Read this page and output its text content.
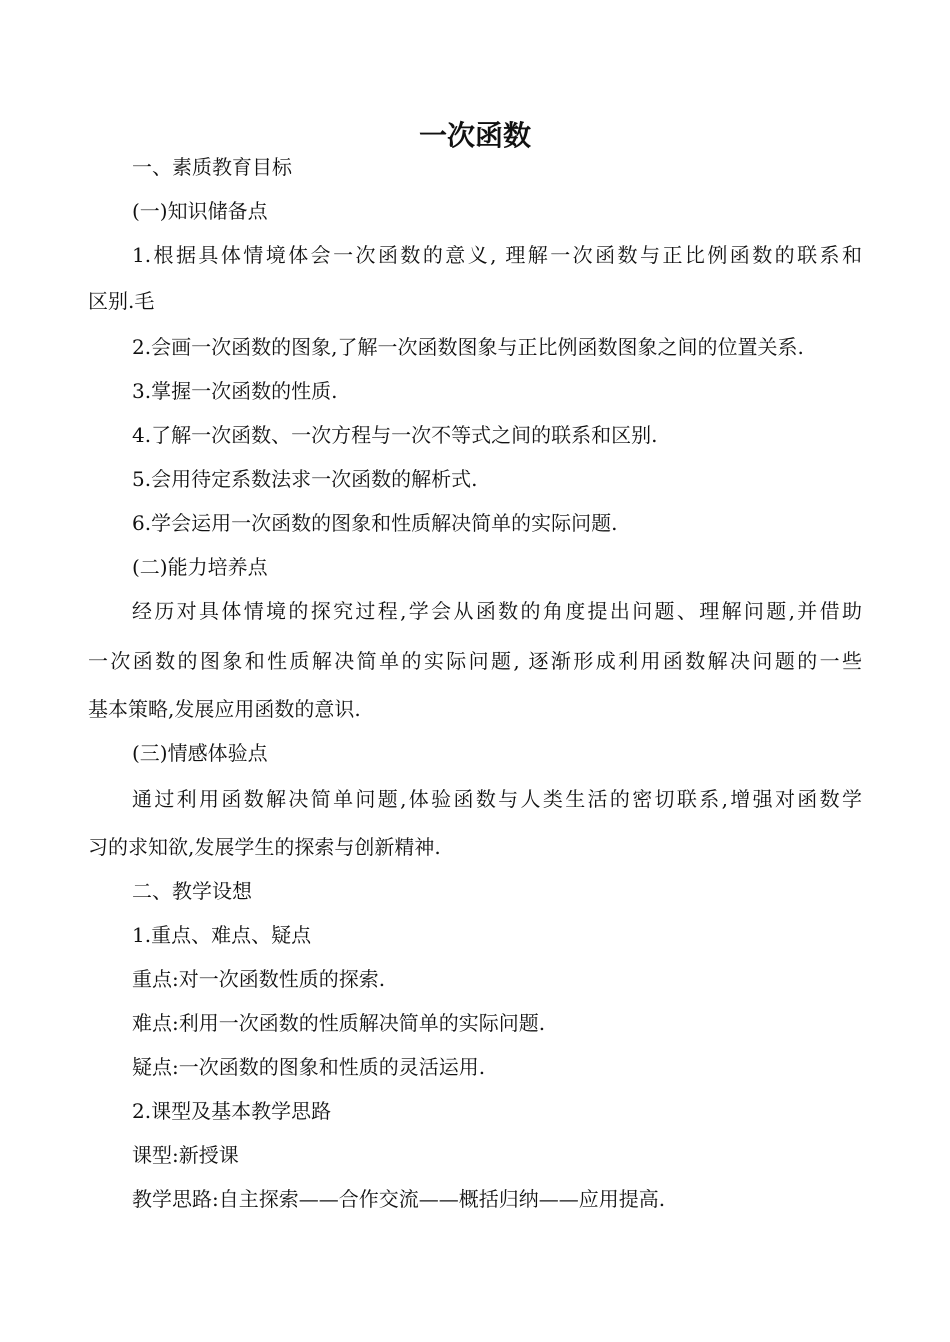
一次函数
一、素质教育目标
(一)知识储备点
1.根据具体情境体会一次函数的意义, 理解一次函数与正比例函数的联系和
区别.毛
2.会画一次函数的图象,了解一次函数图象与正比例函数图象之间的位置关系.
3.掌握一次函数的性质.
4.了解一次函数、一次方程与一次不等式之间的联系和区别.
5.会用待定系数法求一次函数的解析式.
6.学会运用一次函数的图象和性质解决简单的实际问题.
(二)能力培养点
经历对具体情境的探究过程,学会从函数的角度提出问题、理解问题,并借助
一次函数的图象和性质解决简单的实际问题, 逐渐形成利用函数解决问题的一些
基本策略,发展应用函数的意识.
(三)情感体验点
通过利用函数解决简单问题,体验函数与人类生活的密切联系,增强对函数学
习的求知欲,发展学生的探索与创新精神.
二、教学设想
1.重点、难点、疑点
重点:对一次函数性质的探索.
难点:利用一次函数的性质解决简单的实际问题.
疑点:一次函数的图象和性质的灵活运用.
2.课型及基本教学思路
课型:新授课
教学思路:自主探索——合作交流——概括归纳——应用提高.
